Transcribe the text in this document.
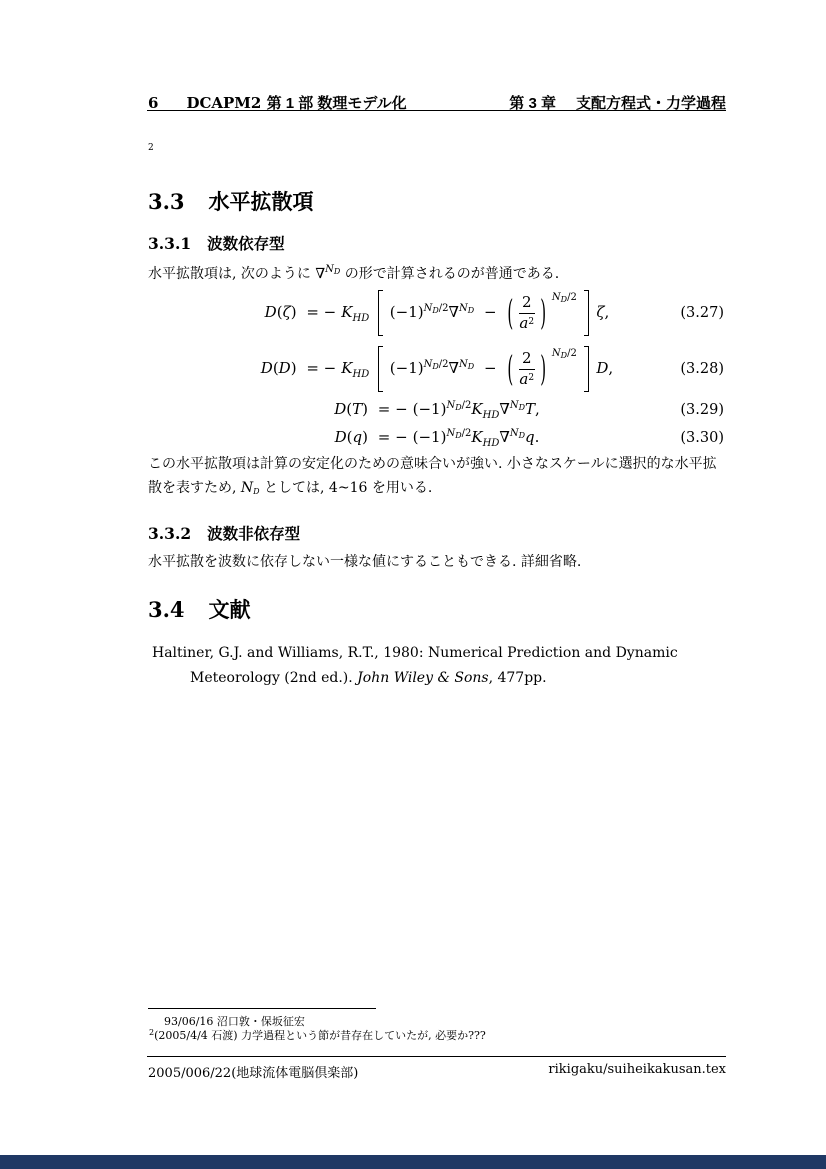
6 DCAPM2
第 1 部 数理モデル化	第 3 章 支配方程式・力学過程
2
3.3 水平拡散項
3.3.1 波数依存型
水平拡散項は, 次のように ∇$^{N_D}$ の形で計算されるのが普通である.
D(ζ) = − $K_{HD}$ $(-1)^{N_D/2}\nabla^{N_D}$ − ( $\frac{2}{a^2}$ ) $^{N_D/2}$  ζ,	(3.27)
D(D) = − $K_{HD}$ $(-1)^{N_D/2}\nabla^{N_D}$ − ( $\frac{2}{a^2}$ ) $^{N_D/2}$  D,	(3.28)
D(T) = − $(-1)^{N_D/2}K_{HD}\nabla^{N_D}T$,	(3.29)
D(q) = − $(-1)^{N_D/2}K_{HD}\nabla^{N_D}q$.	(3.30)
この水平拡散項は計算の安定化のための意味合いが強い. 小さなスケールに選択的な水平拡散を表すため, ND としては, 4~16 を用いる.
3.3.2 波数非依存型
水平拡散を波数に依存しない一様な値にすることもできる. 詳細省略.
3.4 文献
Haltiner, G.J. and Williams, R.T., 1980: Numerical Prediction and Dynamic Meteorology (2nd ed.). John Wiley & Sons, 477pp.
93/06/16 沼口敦・保坂征宏
$^2$(2005/4/4 石渡) 力学過程という節が昔存在していたが, 必要か???
2005/006/22(地球流体電脳倶楽部)	rikigaku/suiheikakusan.tex
